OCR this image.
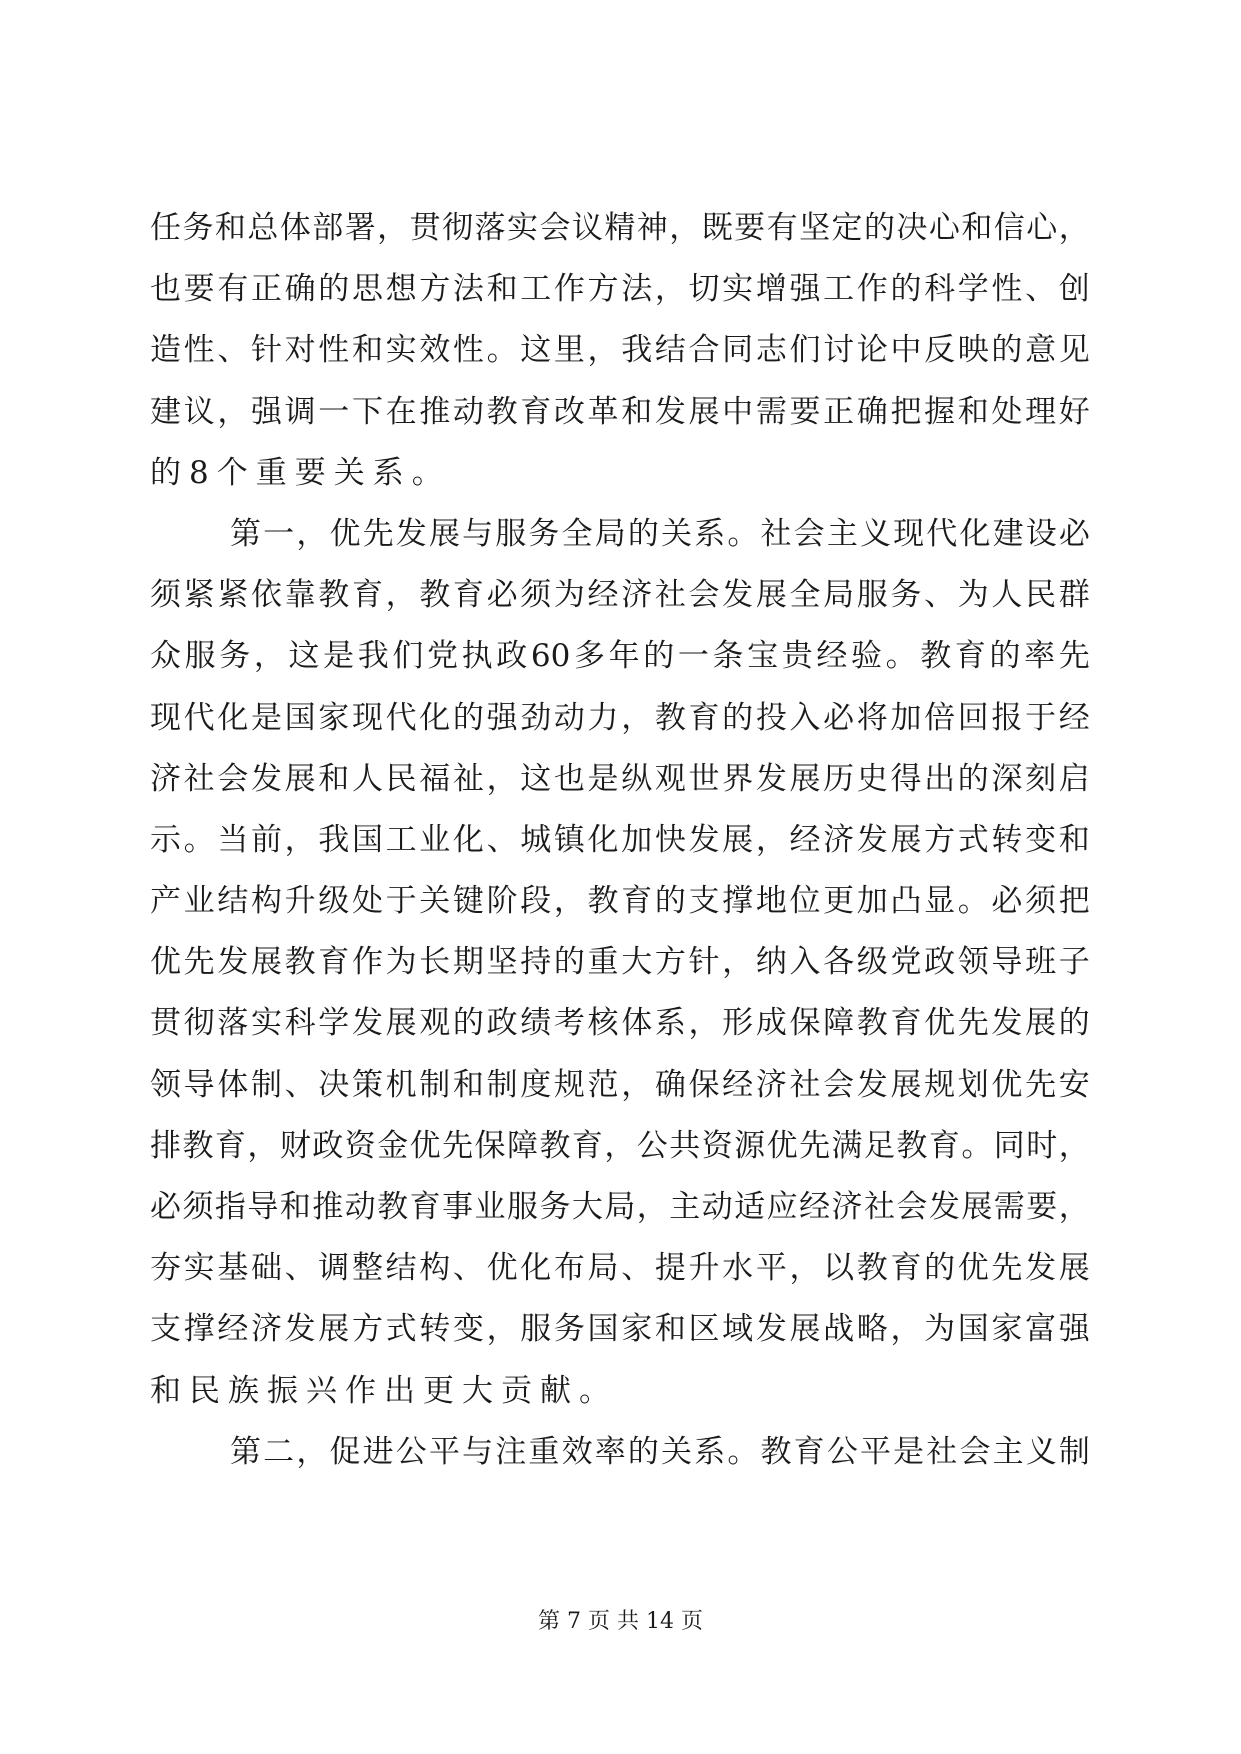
任 务 和 总 体 部 署 ， 贯 彻 落 实 会 议 精 神 ， 既 要 有 坚 定 的 决 心 和 信 心 ，
也 要 有 正 确 的 思 想 方 法 和 工 作 方 法 ， 切 实 增 强 工 作 的 科 学 性 、 创
造 性 、 针 对 性 和 实 效 性 。 这 里 ， 我 结 合 同 志 们 讨 论 中 反 映 的 意 见
建 议 ， 强 调 一 下 在 推 动 教 育 改 革 和 发 展 中 需 要 正 确 把 握 和 处 理 好
的 8 个 重 要 关 系 。
第 一 ， 优 先 发 展 与 服 务 全 局 的 关 系 。 社 会 主 义 现 代 化 建 设 必
须 紧 紧 依 靠 教 育 ， 教 育 必 须 为 经 济 社 会 发 展 全 局 服 务 、 为 人 民 群
众 服 务 ， 这 是 我 们 党 执 政 60 多 年 的 一 条 宝 贵 经 验 。 教 育 的 率 先
现 代 化 是 国 家 现 代 化 的 强 劲 动 力 ， 教 育 的 投 入 必 将 加 倍 回 报 于 经
济 社 会 发 展 和 人 民 福 祉 ， 这 也 是 纵 观 世 界 发 展 历 史 得 出 的 深 刻 启
示 。 当 前 ， 我 国 工 业 化 、 城 镇 化 加 快 发 展 ， 经 济 发 展 方 式 转 变 和
产 业 结 构 升 级 处 于 关 键 阶 段 ， 教 育 的 支 撑 地 位 更 加 凸 显 。 必 须 把
优 先 发 展 教 育 作 为 长 期 坚 持 的 重 大 方 针 ， 纳 入 各 级 党 政 领 导 班 子
贯 彻 落 实 科 学 发 展 观 的 政 绩 考 核 体 系 ， 形 成 保 障 教 育 优 先 发 展 的
领 导 体 制 、 决 策 机 制 和 制 度 规 范 ， 确 保 经 济 社 会 发 展 规 划 优 先 安
排 教 育 ， 财 政 资 金 优 先 保 障 教 育 ， 公 共 资 源 优 先 满 足 教 育 。 同 时 ，
必 须 指 导 和 推 动 教 育 事 业 服 务 大 局 ， 主 动 适 应 经 济 社 会 发 展 需 要 ，
夯 实 基 础 、 调 整 结 构 、 优 化 布 局 、 提 升 水 平 ， 以 教 育 的 优 先 发 展
支 撑 经 济 发 展 方 式 转 变 ， 服 务 国 家 和 区 域 发 展 战 略 ， 为 国 家 富 强
和 民 族 振 兴 作 出 更 大 贡 献 。
第 二 ， 促 进 公 平 与 注 重 效 率 的 关 系 。 教 育 公 平 是 社 会 主 义 制
第 7 页 共 14 页
